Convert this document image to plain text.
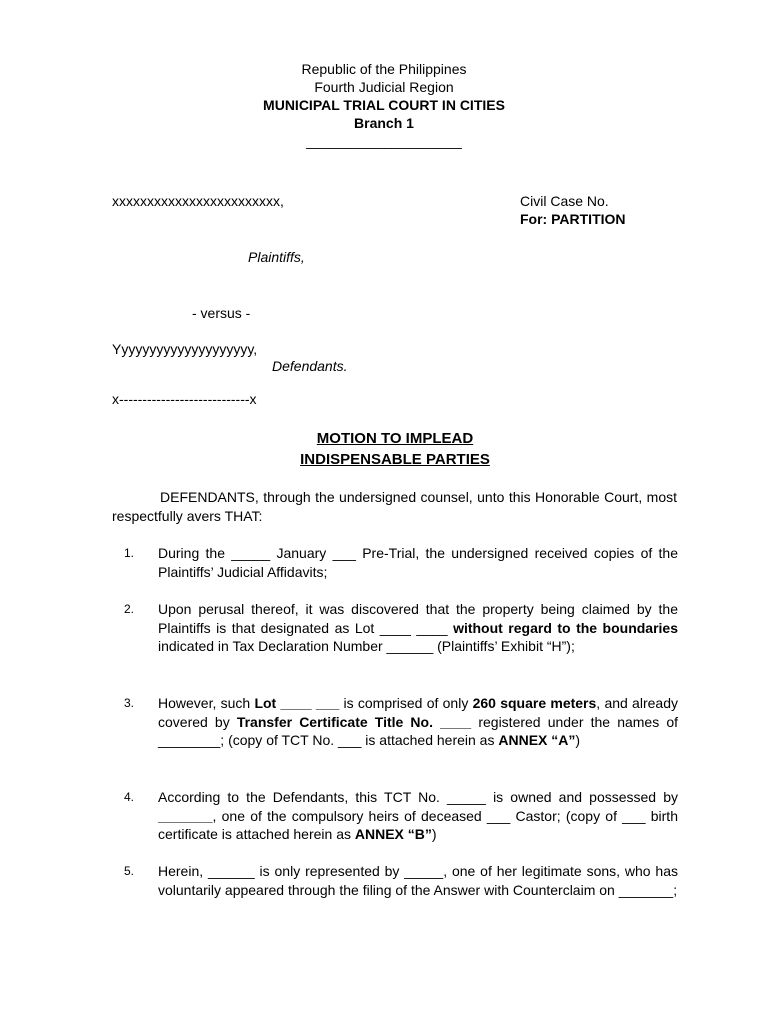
Republic of the Philippines
Fourth Judicial Region
MUNICIPAL TRIAL COURT IN CITIES
Branch 1
____________________
xxxxxxxxxxxxxxxxxxxxxxxx,	Civil Case No.
For: PARTITION
Plaintiffs,
- versus -
Yyyyyyyyyyyyyyyyyyyy,
Defendants.
x----------------------------x
MOTION TO IMPLEAD
INDISPENSABLE PARTIES
DEFENDANTS, through the undersigned counsel, unto this Honorable Court, most respectfully avers THAT:
1. During the _____ January ___ Pre-Trial, the undersigned received copies of the Plaintiffs’ Judicial Affidavits;
2. Upon perusal thereof, it was discovered that the property being claimed by the Plaintiffs is that designated as Lot ____ ____ without regard to the boundaries indicated in Tax Declaration Number ______ (Plaintiffs’ Exhibit “H”);
3. However, such Lot ____ ___ is comprised of only 260 square meters, and already covered by Transfer Certificate Title No. ____ registered under the names of ________; (copy of TCT No. ___ is attached herein as ANNEX “A”)
4. According to the Defendants, this TCT No. _____ is owned and possessed by _______, one of the compulsory heirs of deceased ___ Castor; (copy of ___ birth certificate is attached herein as ANNEX “B”)
5. Herein, ______ is only represented by _____, one of her legitimate sons, who has voluntarily appeared through the filing of the Answer with Counterclaim on _______;
